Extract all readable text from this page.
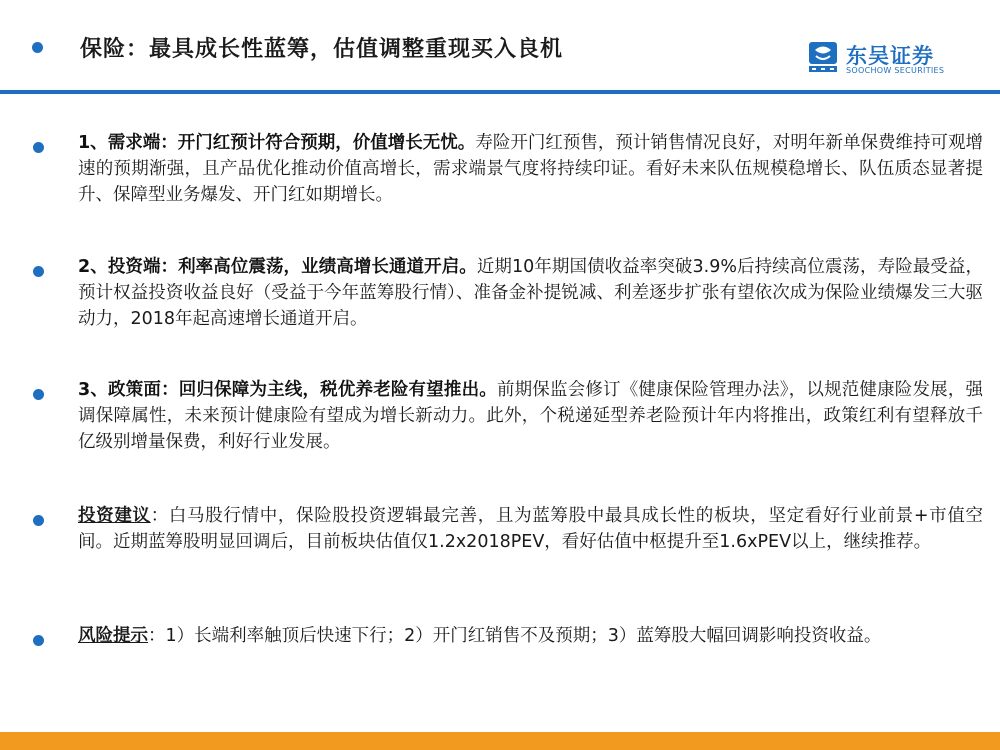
保险：最具成长性蓝筹，估值调整重现买入良机	东吴证券
SOOCHOW SECURITIES
1、需求端：开门红预计符合预期，价值增长无忧。寿险开门红预售，预计销售情况良好，对明年新单保费维持可观增速的预期渐强，且产品优化推动价值高增长，需求端景气度将持续印证。看好未来队伍规模稳增长、队伍质态显著提升、保障型业务爆发、开门红如期增长。
2、投资端：利率高位震荡，业绩高增长通道开启。近期10年期国债收益率突破3.9%后持续高位震荡，寿险最受益，预计权益投资收益良好（受益于今年蓝筹股行情）、准备金补提锐减、利差逐步扩张有望依次成为保险业绩爆发三大驱动力，2018年起高速增长通道开启。
3、政策面：回归保障为主线，税优养老险有望推出。前期保监会修订《健康保险管理办法》，以规范健康险发展，强调保障属性，未来预计健康险有望成为增长新动力。此外，个税递延型养老险预计年内将推出，政策红利有望释放千亿级别增量保费，利好行业发展。
投资建议：白马股行情中，保险股投资逻辑最完善，且为蓝筹股中最具成长性的板块，坚定看好行业前景+市值空间。近期蓝筹股明显回调后，目前板块估值仅1.2x2018PEV，看好估值中枢提升至1.6xPEV以上，继续推荐。
风险提示：1）长端利率触顶后快速下行；2）开门红销售不及预期；3）蓝筹股大幅回调影响投资收益。
